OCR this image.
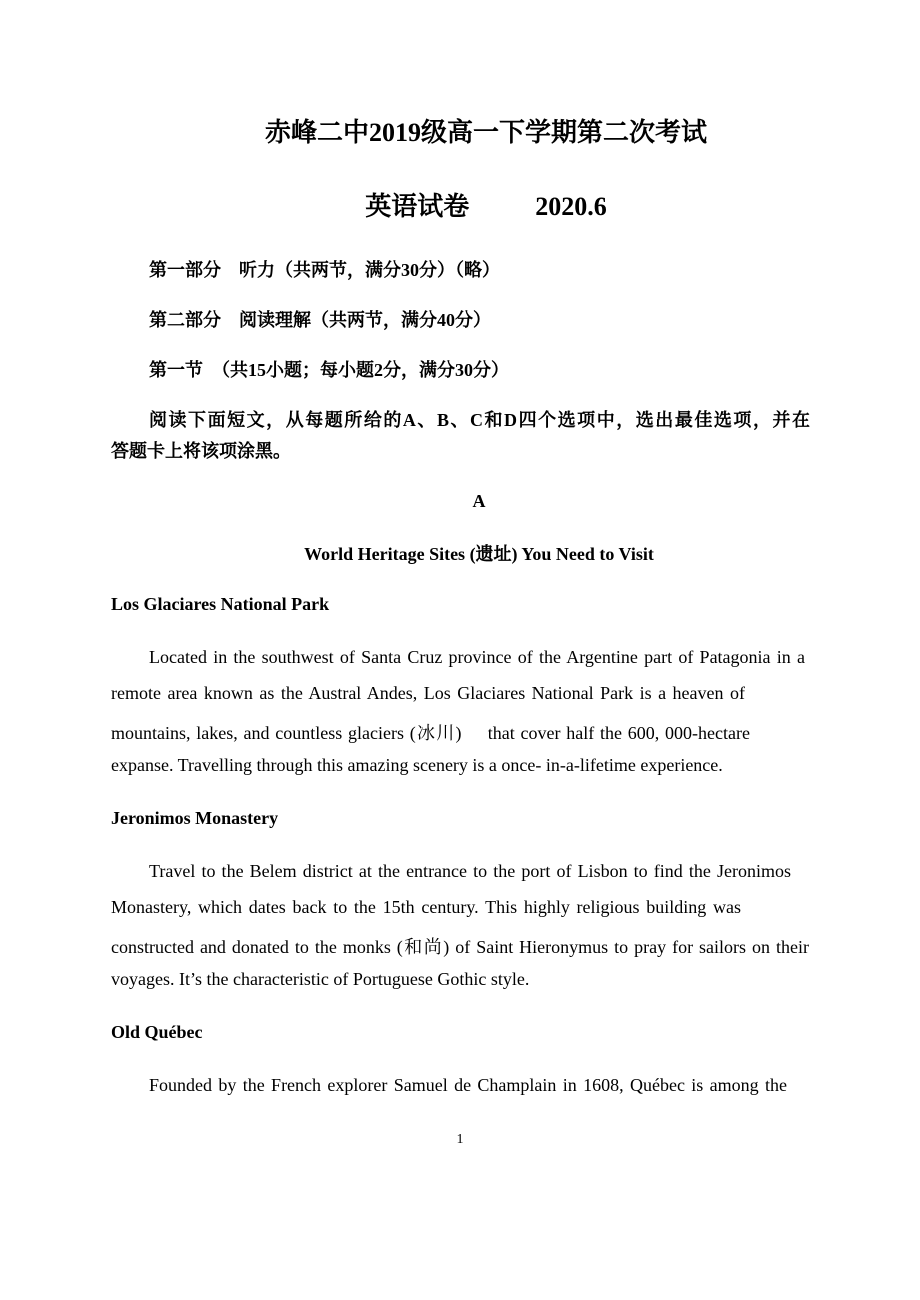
赤峰二中2019级高一下学期第二次考试
英语试卷	2020.6
第一部分　听力（共两节，满分30分）（略）
第二部分　阅读理解（共两节，满分40分）
第一节　（共15小题；每小题2分，满分30分）
阅读下面短文，从每题所给的A、B、C和D四个选项中，选出最佳选项，并在
答题卡上将该项涂黑。
A
World Heritage Sites (遗址) You Need to Visit
Los Glaciares National Park
Located in the southwest of Santa Cruz province of the Argentine part of Patagonia in a
remote area known as the Austral Andes, Los Glaciares National Park is a heaven of
mountains, lakes, and countless glaciers (冰川)　 that cover half the 600, 000-hectare
expanse. Travelling through this amazing scenery is a once- in-a-lifetime experience.
Jeronimos Monastery
Travel to the Belem district at the entrance to the port of Lisbon to find the Jeronimos
Monastery, which dates back to the 15th century. This highly religious building was
constructed and donated to the monks (和尚) of Saint Hieronymus to pray for sailors on their
voyages. It’s the characteristic of Portuguese Gothic style.
Old Québec
Founded by the French explorer Samuel de Champlain in 1608, Québec is among the
1
